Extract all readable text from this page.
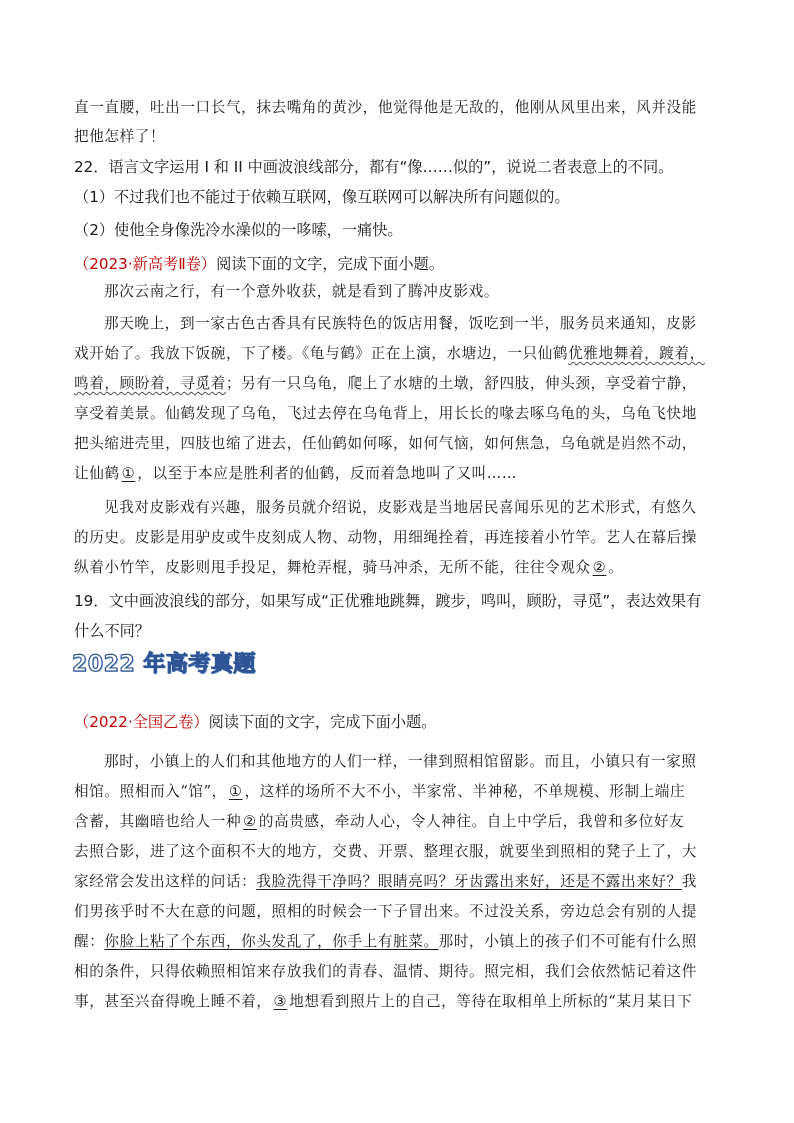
直一直腰，吐出一口长气，抹去嘴角的黄沙，他觉得他是无敌的，他刚从风里出来，风并没能
把他怎样了！
22．语言文字运用 I 和 II 中画波浪线部分，都有“像……似的”，说说二者表意上的不同。
（1）不过我们也不能过于依赖互联网，像互联网可以解决所有问题似的。
（2）使他全身像洗冷水澡似的一哆嗦，一痛快。
（2023·新高考Ⅱ卷）阅读下面的文字，完成下面小题。
那次云南之行，有一个意外收获，就是看到了腾冲皮影戏。
那天晚上，到一家古色古香具有民族特色的饭店用餐，饭吃到一半，服务员来通知，皮影
戏开始了。我放下饭碗，下了楼。《龟与鹤》正在上演，水塘边，一只仙鹤优雅地舞着，踱着，
鸣着，顾盼着，寻觅着；另有一只乌龟，爬上了水塘的土墩，舒四肢，伸头颈，享受着宁静，
享受着美景。仙鹤发现了乌龟，飞过去停在乌龟背上，用长长的喙去啄乌龟的头，乌龟飞快地
把头缩进壳里，四肢也缩了进去，任仙鹤如何啄，如何气恼，如何焦急，乌龟就是岿然不动，
让仙鹤 ① ，以至于本应是胜利者的仙鹤，反而着急地叫了又叫……
见我对皮影戏有兴趣，服务员就介绍说，皮影戏是当地居民喜闻乐见的艺术形式，有悠久
的历史。皮影是用驴皮或牛皮刻成人物、动物，用细绳拴着，再连接着小竹竿。艺人在幕后操
纵着小竹竿，皮影则甩手投足，舞枪弄棍，骑马冲杀，无所不能，往往令观众 ② 。
19．文中画波浪线的部分，如果写成“正优雅地跳舞，踱步，鸣叫，顾盼，寻觅”，表达效果有
什么不同？
2022 年高考真题
（2022·全国乙卷）阅读下面的文字，完成下面小题。
那时，小镇上的人们和其他地方的人们一样，一律到照相馆留影。而且，小镇只有一家照
相馆。照相而入“馆”， ① ，这样的场所不大不小，半家常、半神秘，不单规模、形制上端庄
含蓄，其幽暗也给人一种 ② 的高贵感，牵动人心，令人神往。自上中学后，我曾和多位好友
去照合影，进了这个面积不大的地方，交费、开票、整理衣服，就要坐到照相的凳子上了，大
家经常会发出这样的问话：我脸洗得干净吗？眼睛亮吗？牙齿露出来好，还是不露出来好？我
们男孩乎时不大在意的问题，照相的时候会一下子冒出来。不过没关系，旁边总会有别的人提
醒：你脸上粘了个东西，你头发乱了，你手上有脏菜。那时，小镇上的孩子们不可能有什么照
相的条件，只得依赖照相馆来存放我们的青春、温情、期待。照完相，我们会依然惦记着这件
事，甚至兴奋得晚上睡不着， ③ 地想看到照片上的自己，等待在取相单上所标的“某月某日下
